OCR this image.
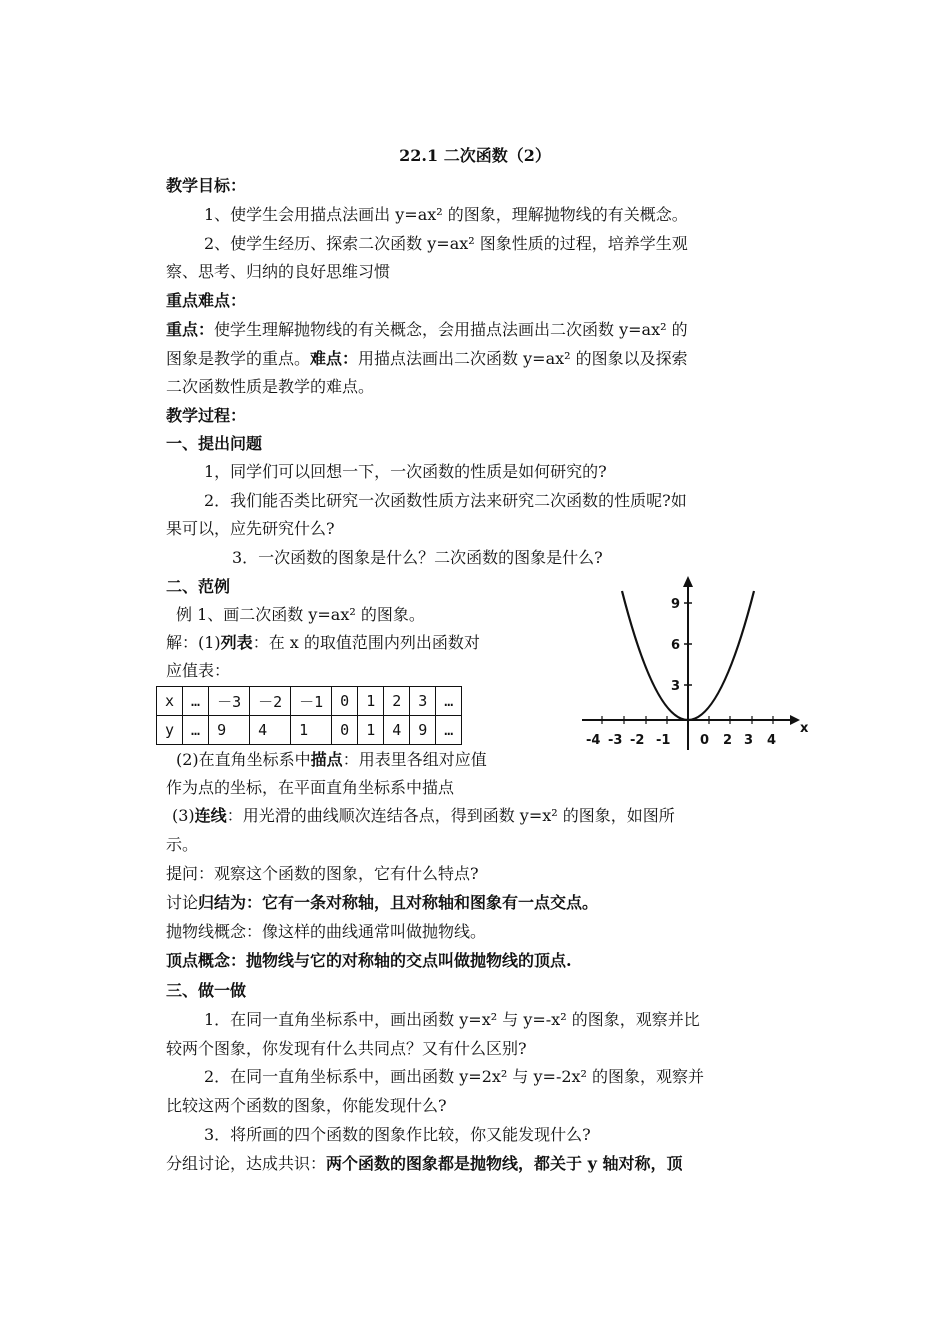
22.1 二次函数（2）
教学目标：
1、使学生会用描点法画出 y=ax² 的图象，理解抛物线的有关概念。
2、使学生经历、探索二次函数 y=ax² 图象性质的过程，培养学生观
察、思考、归纳的良好思维习惯
重点难点：
重点：使学生理解抛物线的有关概念，会用描点法画出二次函数 y=ax² 的
图象是教学的重点。难点：用描点法画出二次函数 y=ax² 的图象以及探索
二次函数性质是教学的难点。
教学过程：
一、提出问题
1，同学们可以回想一下，一次函数的性质是如何研究的?
2．我们能否类比研究一次函数性质方法来研究二次函数的性质呢?如
果可以，应先研究什么?
3．一次函数的图象是什么？二次函数的图象是什么?
二、范例
例 1、画二次函数 y=ax² 的图象。
解：(1)列表：在 x 的取值范围内列出函数对
应值表：
x	…	－3	－2	－1	0	1	2	3	…
y	…	9	4	1	0	1	4	9	…	x
3
6
9
-4 -3 -2 -1 0 2 3 4
(2)在直角坐标系中描点：用表里各组对应值
作为点的坐标，在平面直角坐标系中描点
(3)连线：用光滑的曲线顺次连结各点，得到函数 y=x² 的图象，如图所
示。
提问：观察这个函数的图象，它有什么特点?
讨论归结为：它有一条对称轴，且对称轴和图象有一点交点。
抛物线概念：像这样的曲线通常叫做抛物线。
顶点概念：抛物线与它的对称轴的交点叫做抛物线的顶点.
三、做一做
1．在同一直角坐标系中，画出函数 y=x² 与 y=-x² 的图象，观察并比
较两个图象，你发现有什么共同点？又有什么区别?
2．在同一直角坐标系中，画出函数 y=2x² 与 y=-2x² 的图象，观察并
比较这两个函数的图象，你能发现什么?
3．将所画的四个函数的图象作比较，你又能发现什么?
分组讨论，达成共识：两个函数的图象都是抛物线，都关于 y 轴对称，顶
